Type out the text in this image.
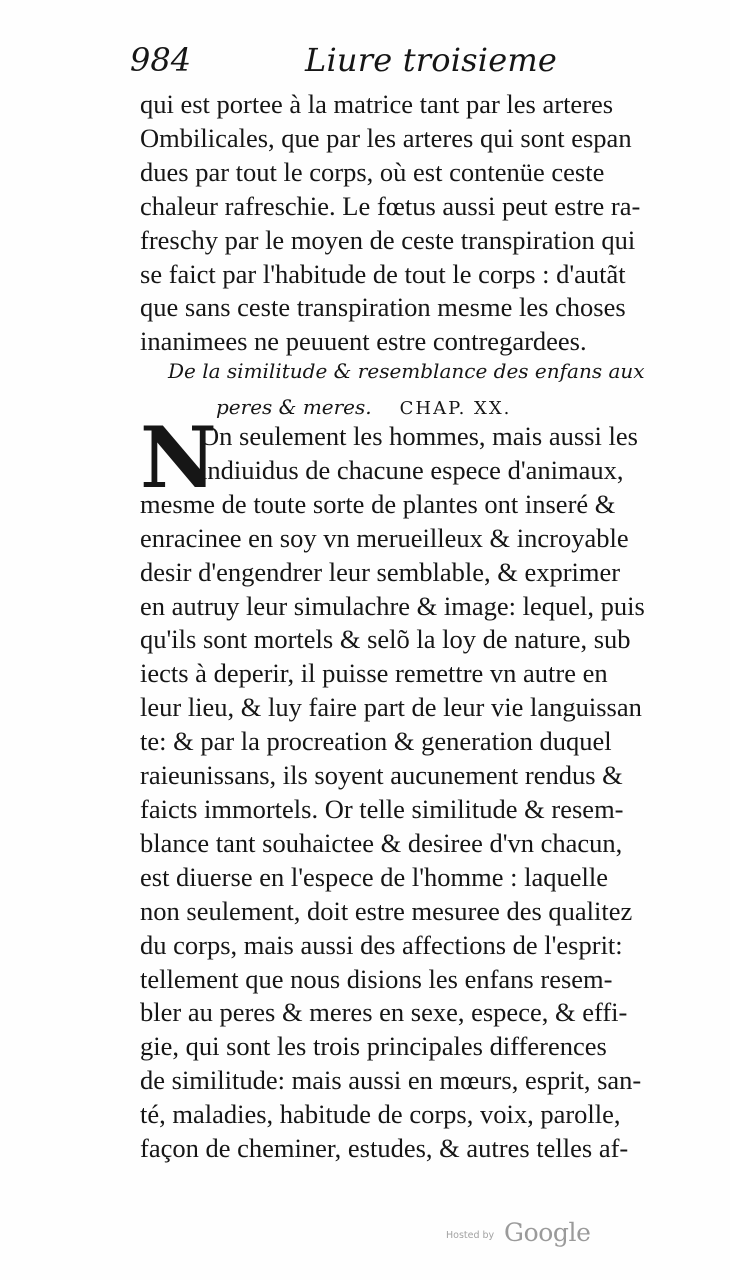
984	Liure troisieme
qui est portee à la matrice tant par les arteres
Ombilicales, que par les arteres qui sont espan
dues par tout le corps, où est contenüe ceste
chaleur rafreschie. Le fœtus aussi peut estre ra-
freschy par le moyen de ceste transpiration qui
se faict par l'habitude de tout le corps : d'autãt
que sans ceste transpiration mesme les choses
inanimees ne peuuent estre contregardees.
De la similitude & resemblance des enfans aux
peres & meres. CHAP. XX.
N
On seulement les hommes, mais aussi les
indiuidus de chacune espece d'animaux,
mesme de toute sorte de plantes ont inseré &
enracinee en soy vn merueilleux & incroyable
desir d'engendrer leur semblable, & exprimer
en autruy leur simulachre & image: lequel, puis
qu'ils sont mortels & selõ la loy de nature, sub
iects à deperir, il puisse remettre vn autre en
leur lieu, & luy faire part de leur vie languissan
te: & par la procreation & generation duquel
raieunissans, ils soyent aucunement rendus &
faicts immortels. Or telle similitude & resem-
blance tant souhaictee & desiree d'vn chacun,
est diuerse en l'espece de l'homme : laquelle
non seulement, doit estre mesuree des qualitez
du corps, mais aussi des affections de l'esprit:
tellement que nous disions les enfans resem-
bler au peres & meres en sexe, espece, & effi-
gie, qui sont les trois principales differences
de similitude: mais aussi en mœurs, esprit, san-
té, maladies, habitude de corps, voix, parolle,
façon de cheminer, estudes, & autres telles af-
Hosted by Google
